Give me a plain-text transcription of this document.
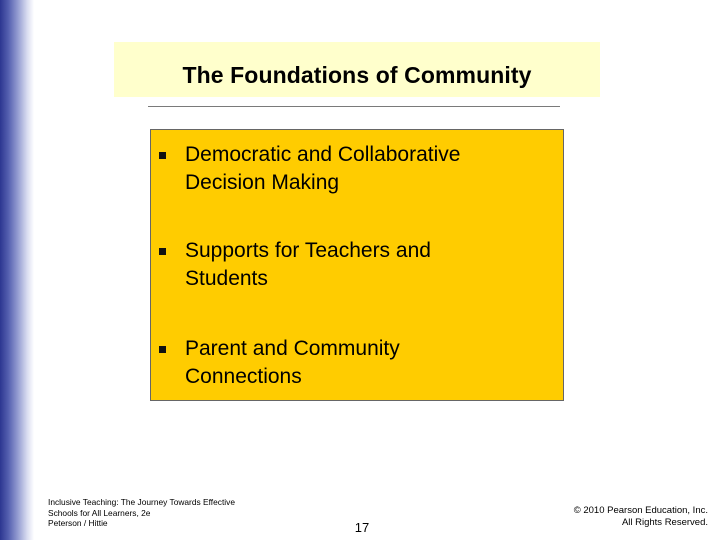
The Foundations of Community
Democratic and Collaborative
Decision Making
Supports for Teachers and
Students
Parent and Community
Connections
Inclusive Teaching: The Journey Towards Effective
Schools for All Learners, 2e
Peterson / Hittie	17
© 2010 Pearson Education, Inc.
All Rights Reserved.
